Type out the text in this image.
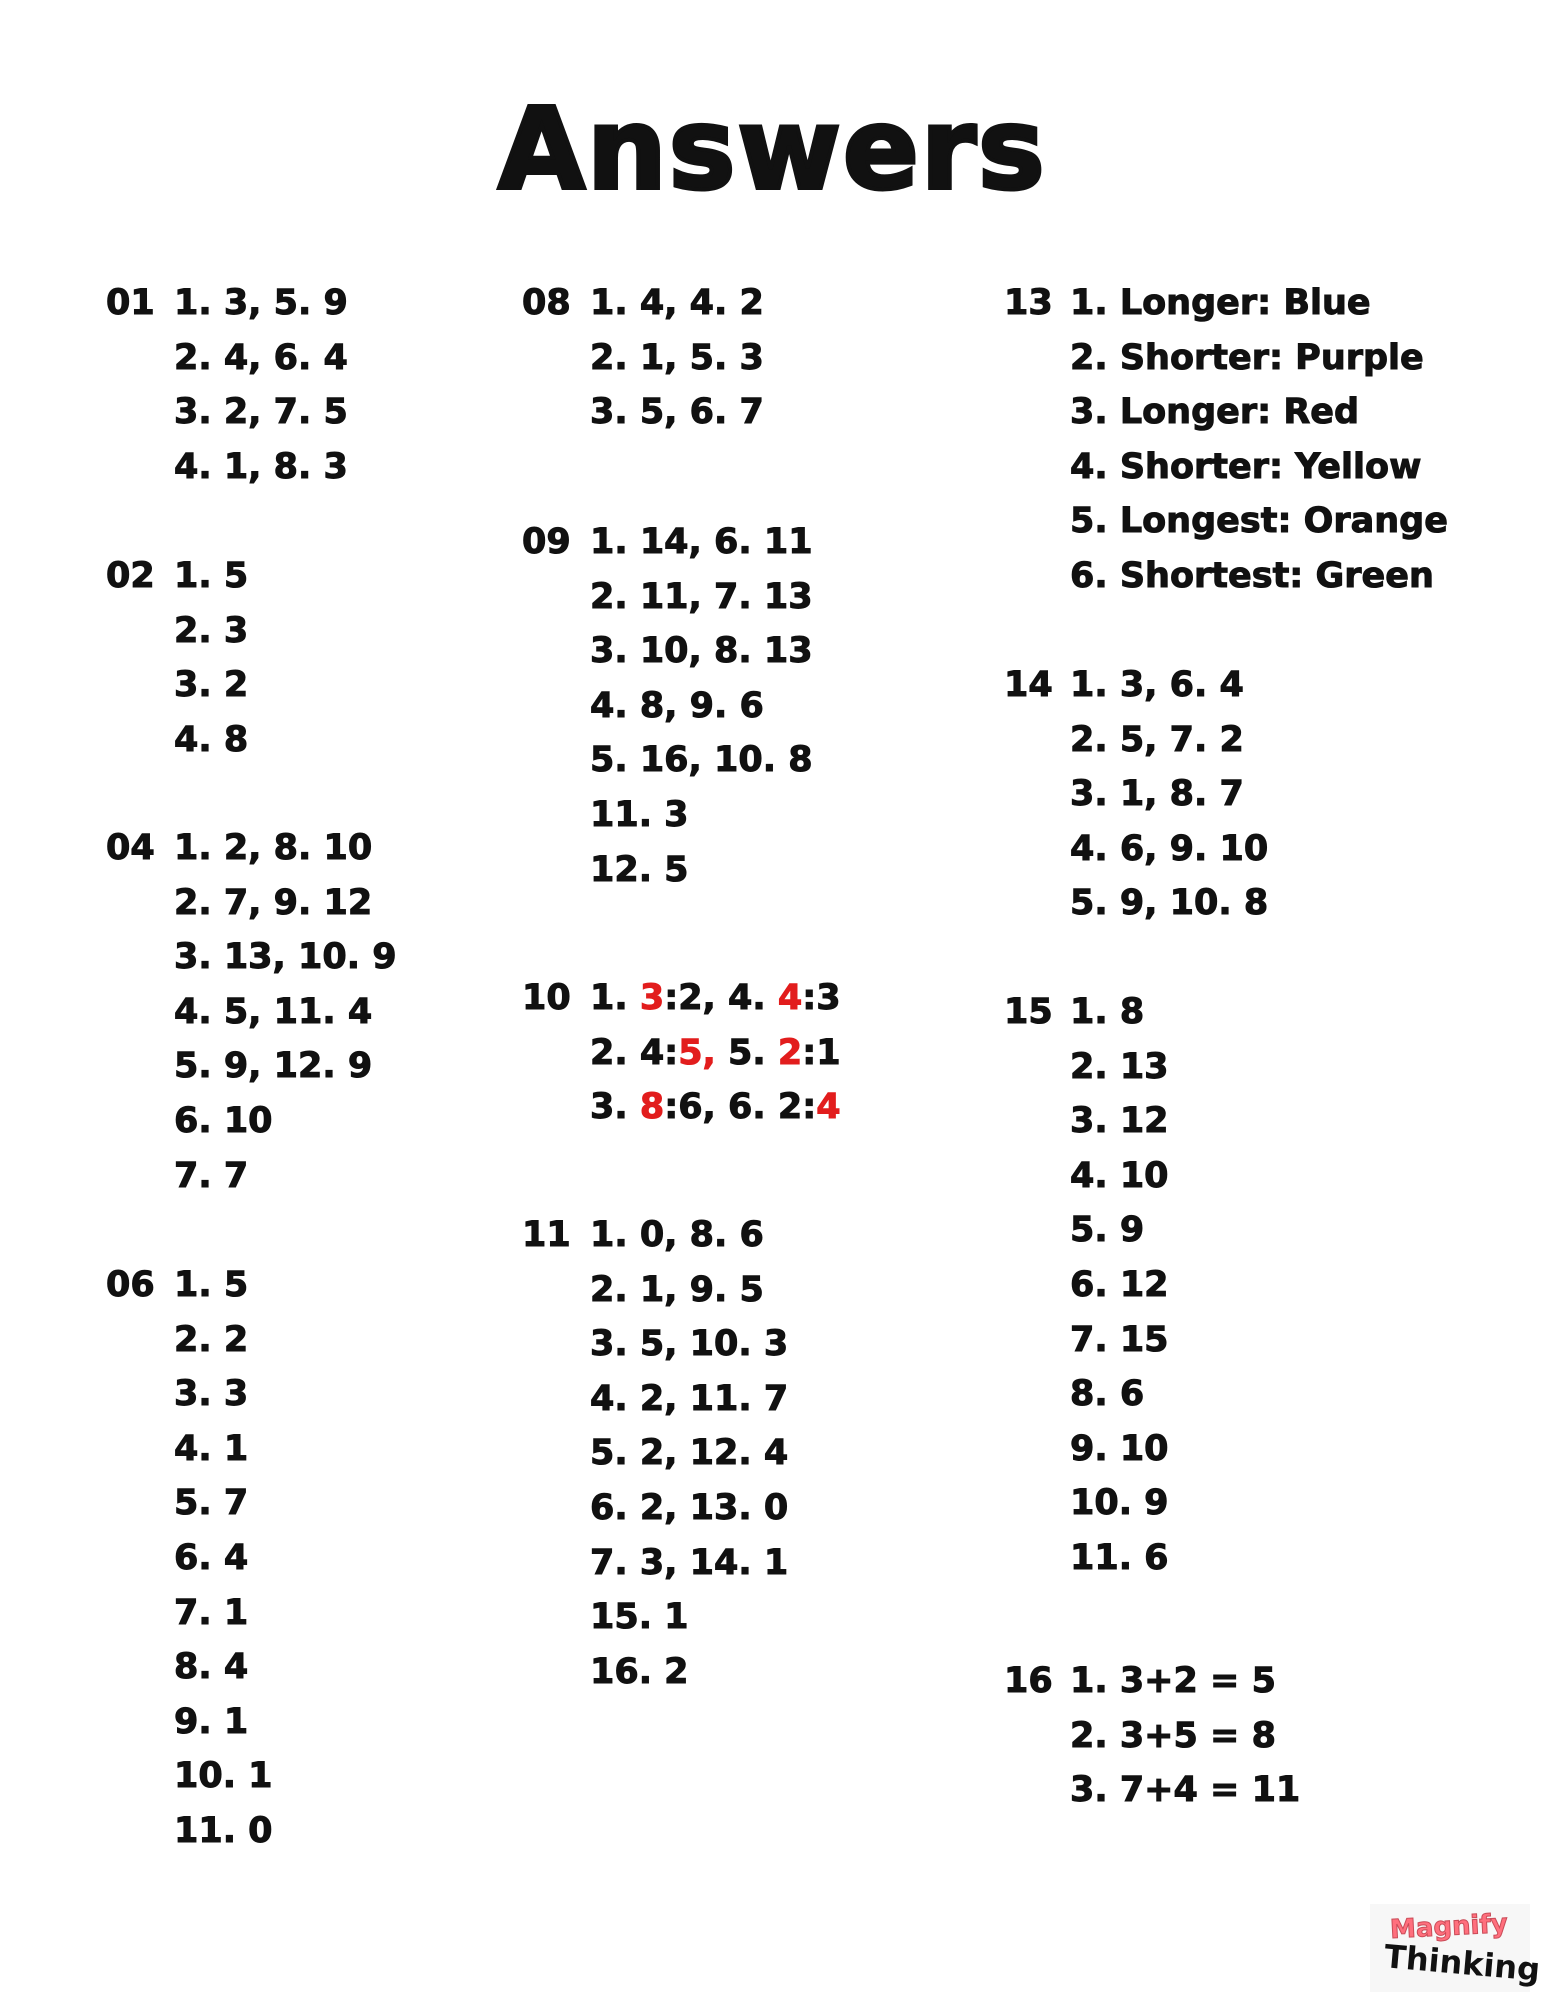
Answers
01 1. 3, 5. 9
2. 4, 6. 4
3. 2, 7. 5
4. 1, 8. 3
02 1. 5
2. 3
3. 2
4. 8
04 1. 2, 8. 10
2. 7, 9. 12
3. 13, 10. 9
4. 5, 11. 4
5. 9, 12. 9
6. 10
7. 7
06 1. 5
2. 2
3. 3
4. 1
5. 7
6. 4
7. 1
8. 4
9. 1
10. 1
11. 0
08 1. 4, 4. 2
2. 1, 5. 3
3. 5, 6. 7
09 1. 14, 6. 11
2. 11, 7. 13
3. 10, 8. 13
4. 8, 9. 6
5. 16, 10. 8
11. 3
12. 5
10 1. 3:2, 4. 4:3
2. 4:5, 5. 2:1
3. 8:6, 6. 2:4
11 1. 0, 8. 6
2. 1, 9. 5
3. 5, 10. 3
4. 2, 11. 7
5. 2, 12. 4
6. 2, 13. 0
7. 3, 14. 1
15. 1
16. 2
13 1. Longer: Blue
2. Shorter: Purple
3. Longer: Red
4. Shorter: Yellow
5. Longest: Orange
6. Shortest: Green
14 1. 3, 6. 4
2. 5, 7. 2
3. 1, 8. 7
4. 6, 9. 10
5. 9, 10. 8
15 1. 8
2. 13
3. 12
4. 10
5. 9
6. 12
7. 15
8. 6
9. 10
10. 9
11. 6
16 1. 3+2 = 5
2. 3+5 = 8
3. 7+4 = 11
Magnify
Thinking
